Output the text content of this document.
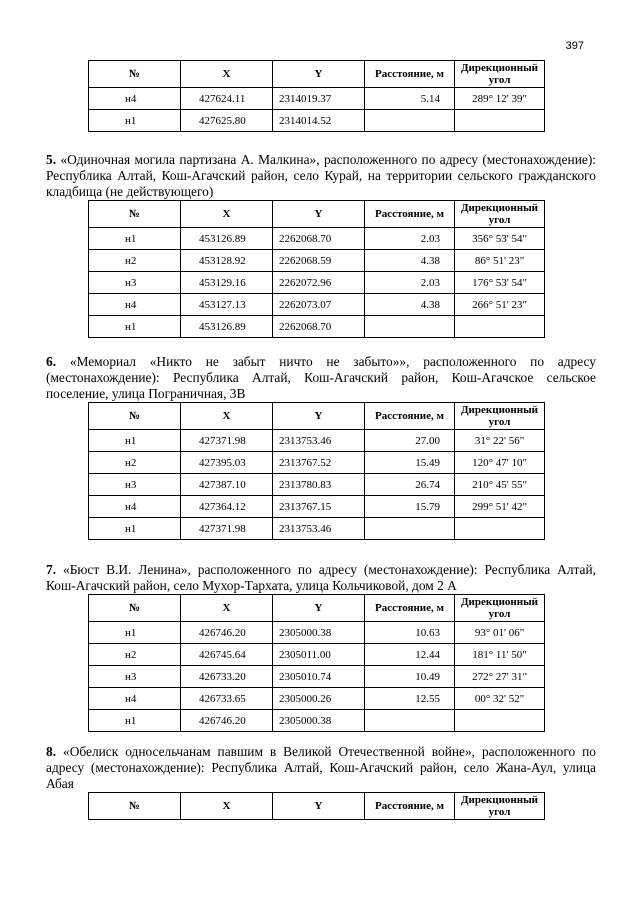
397
№	X	Y	Расстояние, м	Дирекционный угол
н4	427624.11	2314019.37	5.14	289° 12' 39"
н1	427625.80	2314014.52		

5. «Одиночная могила партизана А. Малкина», расположенного по адресу (местонахождение): Республика Алтай, Кош-Агачский район, село Курай, на территории сельского гражданского кладбища (не действующего)

№	X	Y	Расстояние, м	Дирекционный угол
н1	453126.89	2262068.70	2.03	356° 53' 54"
н2	453128.92	2262068.59	4.38	86° 51' 23"
н3	453129.16	2262072.96	2.03	176° 53' 54"
н4	453127.13	2262073.07	4.38	266° 51' 23"
н1	453126.89	2262068.70		

6. «Мемориал «Никто не забыт ничто не забыто»», расположенного по адресу (местонахождение): Республика Алтай, Кош-Агачский район, Кош-Агачское сельское поселение, улица Пограничная, 3В

№	X	Y	Расстояние, м	Дирекционный угол
н1	427371.98	2313753.46	27.00	31° 22' 56"
н2	427395.03	2313767.52	15.49	120° 47' 10"
н3	427387.10	2313780.83	26.74	210° 45' 55"
н4	427364.12	2313767.15	15.79	299° 51' 42"
н1	427371.98	2313753.46		

7. «Бюст В.И. Ленина», расположенного по адресу (местонахождение): Республика Алтай, Кош-Агачский район, село Мухор-Тархата, улица Кольчиковой, дом 2 А

№	X	Y	Расстояние, м	Дирекционный угол
н1	426746.20	2305000.38	10.63	93° 01' 06"
н2	426745.64	2305011.00	12.44	181° 11' 50"
н3	426733.20	2305010.74	10.49	272° 27' 31"
н4	426733.65	2305000.26	12.55	00° 32' 52"
н1	426746.20	2305000.38		

8. «Обелиск односельчанам павшим в Великой Отечественной войне», расположенного по адресу (местонахождение): Республика Алтай, Кош-Агачский район, село Жана-Аул, улица Абая

№	X	Y	Расстояние, м	Дирекционный угол
